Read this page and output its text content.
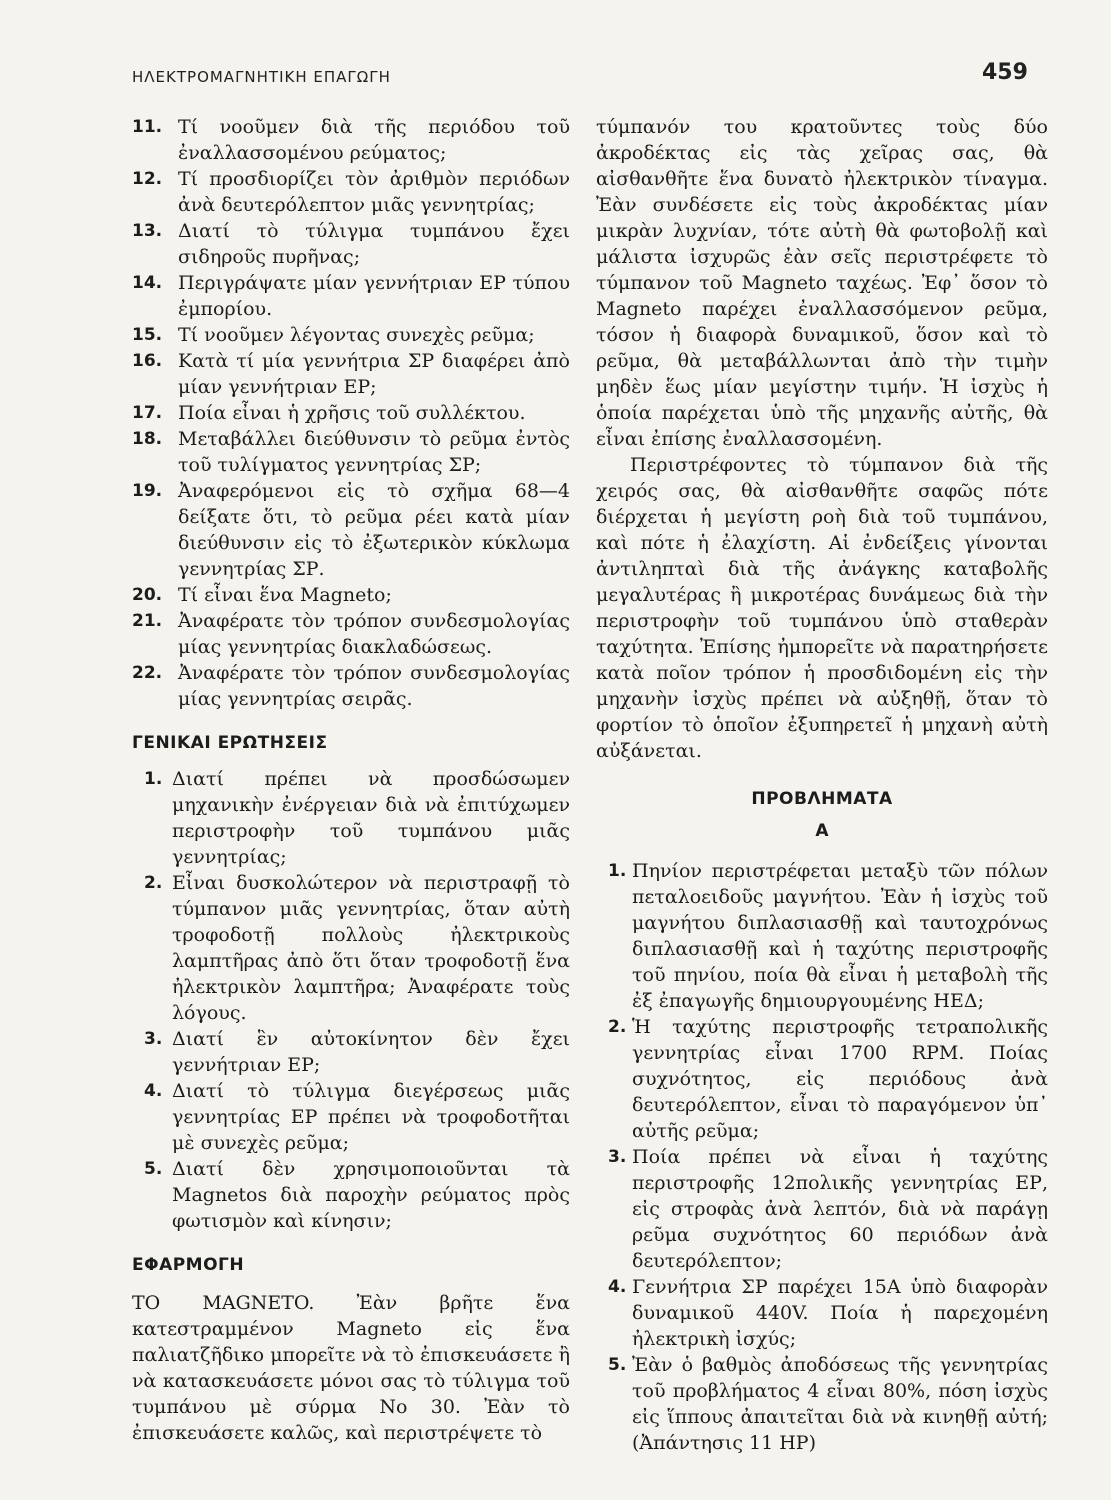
ΗΛΕΚΤΡΟΜΑΓΝΗΤΙΚΗ ΕΠΑΓΩΓΗ	459
11. Τί νοοῦμεν διὰ τῆς περιόδου τοῦ ἐναλλασσομένου ρεύματος;
12. Τί προσδιορίζει τὸν ἀριθμὸν περιόδων ἀνὰ δευτερόλεπτον μιᾶς γεννητρίας;
13. Διατί τὸ τύλιγμα τυμπάνου ἔχει σιδηροῦς πυρῆνας;
14. Περιγράψατε μίαν γεννήτριαν ΕΡ τύπου ἐμπορίου.
15. Τί νοοῦμεν λέγοντας συνεχὲς ρεῦμα;
16. Κατὰ τί μία γεννήτρια ΣΡ διαφέρει ἀπὸ μίαν γεννήτριαν ΕΡ;
17. Ποία εἶναι ἡ χρῆσις τοῦ συλλέκτου.
18. Μεταβάλλει διεύθυνσιν τὸ ρεῦμα ἐντὸς τοῦ τυλίγματος γεννητρίας ΣΡ;
19. Ἀναφερόμενοι εἰς τὸ σχῆμα 68—4 δείξατε ὅτι, τὸ ρεῦμα ρέει κατὰ μίαν διεύθυνσιν εἰς τὸ ἐξωτερικὸν κύκλωμα γεννητρίας ΣΡ.
20. Τί εἶναι ἕνα Magneto;
21. Ἀναφέρατε τὸν τρόπον συνδεσμολογίας μίας γεννητρίας διακλαδώσεως.
22. Ἀναφέρατε τὸν τρόπον συνδεσμολογίας μίας γεννητρίας σειρᾶς.
ΓΕΝΙΚΑΙ ΕΡΩΤΗΣΕΙΣ
1. Διατί πρέπει νὰ προσδώσωμεν μηχανικὴν ἐνέργειαν διὰ νὰ ἐπιτύχωμεν περιστροφὴν τοῦ τυμπάνου μιᾶς γεννητρίας;
2. Εἶναι δυσκολώτερον νὰ περιστραφῇ τὸ τύμπανον μιᾶς γεννητρίας, ὅταν αὐτὴ τροφοδοτῇ πολλοὺς ἠλεκτρικοὺς λαμπτῆρας ἀπὸ ὅτι ὅταν τροφοδοτῇ ἕνα ἠλεκτρικὸν λαμπτῆρα; Ἀναφέρατε τοὺς λόγους.
3. Διατί ἓν αὐτοκίνητον δὲν ἔχει γεννήτριαν ΕΡ;
4. Διατί τὸ τύλιγμα διεγέρσεως μιᾶς γεννητρίας ΕΡ πρέπει νὰ τροφοδοτῆται μὲ συνεχὲς ρεῦμα;
5. Διατί δὲν χρησιμοποιοῦνται τὰ Magnetos διὰ παροχὴν ρεύματος πρὸς φωτισμὸν καὶ κίνησιν;
ΕΦΑΡΜΟΓΗ

ΤΟ MAGNETO. Ἐὰν βρῆτε ἕνα κατεστραμμένον Magneto εἰς ἕνα παλιατζῆδικο μπορεῖτε νὰ τὸ ἐπισκευάσετε ἢ νὰ κατασκευάσετε μόνοι σας τὸ τύλιγμα τοῦ τυμπάνου μὲ σύρμα Νο 30. Ἐὰν τὸ ἐπισκευάσετε καλῶς, καὶ περιστρέψετε τὸ

τύμπανόν του κρατοῦντες τοὺς δύο ἀκροδέκτας εἰς τὰς χεῖρας σας, θὰ αἰσθανθῆτε ἕνα δυνατὸ ἠλεκτρικὸν τίναγμα. Ἐὰν συνδέσετε εἰς τοὺς ἀκροδέκτας μίαν μικρὰν λυχνίαν, τότε αὐτὴ θὰ φωτοβολῇ καὶ μάλιστα ἰσχυρῶς ἐὰν σεῖς περιστρέφετε τὸ τύμπανον τοῦ Magneto ταχέως. Ἐφ᾽ ὅσον τὸ Magneto παρέχει ἐναλλασσόμενον ρεῦμα, τόσον ἡ διαφορὰ δυναμικοῦ, ὅσον καὶ τὸ ρεῦμα, θὰ μεταβάλλωνται ἀπὸ τὴν τιμὴν μηδὲν ἕως μίαν μεγίστην τιμήν. Ἡ ἰσχὺς ἡ ὁποία παρέχεται ὑπὸ τῆς μηχανῆς αὐτῆς, θὰ εἶναι ἐπίσης ἐναλλασσομένη.

Περιστρέφοντες τὸ τύμπανον διὰ τῆς χειρός σας, θὰ αἰσθανθῆτε σαφῶς πότε διέρχεται ἡ μεγίστη ροὴ διὰ τοῦ τυμπάνου, καὶ πότε ἡ ἐλαχίστη. Αἱ ἐνδείξεις γίνονται ἀντιληπταὶ διὰ τῆς ἀνάγκης καταβολῆς μεγαλυτέρας ἢ μικροτέρας δυνάμεως διὰ τὴν περιστροφὴν τοῦ τυμπάνου ὑπὸ σταθερὰν ταχύτητα. Ἐπίσης ἠμπορεῖτε νὰ παρατηρήσετε κατὰ ποῖον τρόπον ἡ προσδιδομένη εἰς τὴν μηχανὴν ἰσχὺς πρέπει νὰ αὐξηθῇ, ὅταν τὸ φορτίον τὸ ὁποῖον ἐξυπηρετεῖ ἡ μηχανὴ αὐτὴ αὐξάνεται.

ΠΡΟΒΛΗΜΑΤΑ
Α
1. Πηνίον περιστρέφεται μεταξὺ τῶν πόλων πεταλοειδοῦς μαγνήτου. Ἐὰν ἡ ἰσχὺς τοῦ μαγνήτου διπλασιασθῇ καὶ ταυτοχρόνως διπλασιασθῇ καὶ ἡ ταχύτης περιστροφῆς τοῦ πηνίου, ποία θὰ εἶναι ἡ μεταβολὴ τῆς ἐξ ἐπαγωγῆς δημιουργουμένης ΗΕΔ;
2. Ἡ ταχύτης περιστροφῆς τετραπολικῆς γεννητρίας εἶναι 1700 RPM. Ποίας συχνότητος, εἰς περιόδους ἀνὰ δευτερόλεπτον, εἶναι τὸ παραγόμενον ὑπ᾽ αὐτῆς ρεῦμα;
3. Ποία πρέπει νὰ εἶναι ἡ ταχύτης περιστροφῆς 12πολικῆς γεννητρίας ΕΡ, εἰς στροφὰς ἀνὰ λεπτόν, διὰ νὰ παράγῃ ρεῦμα συχνότητος 60 περιόδων ἀνὰ δευτερόλεπτον;
4. Γεννήτρια ΣΡ παρέχει 15Α ὑπὸ διαφορὰν δυναμικοῦ 440V. Ποία ἡ παρεχομένη ἠλεκτρικὴ ἰσχύς;
5. Ἐὰν ὁ βαθμὸς ἀποδόσεως τῆς γεννητρίας τοῦ προβλήματος 4 εἶναι 80%, πόση ἰσχὺς εἰς ἵππους ἀπαιτεῖται διὰ νὰ κινηθῇ αὐτή; (Ἀπάντησις 11 ΗΡ)
